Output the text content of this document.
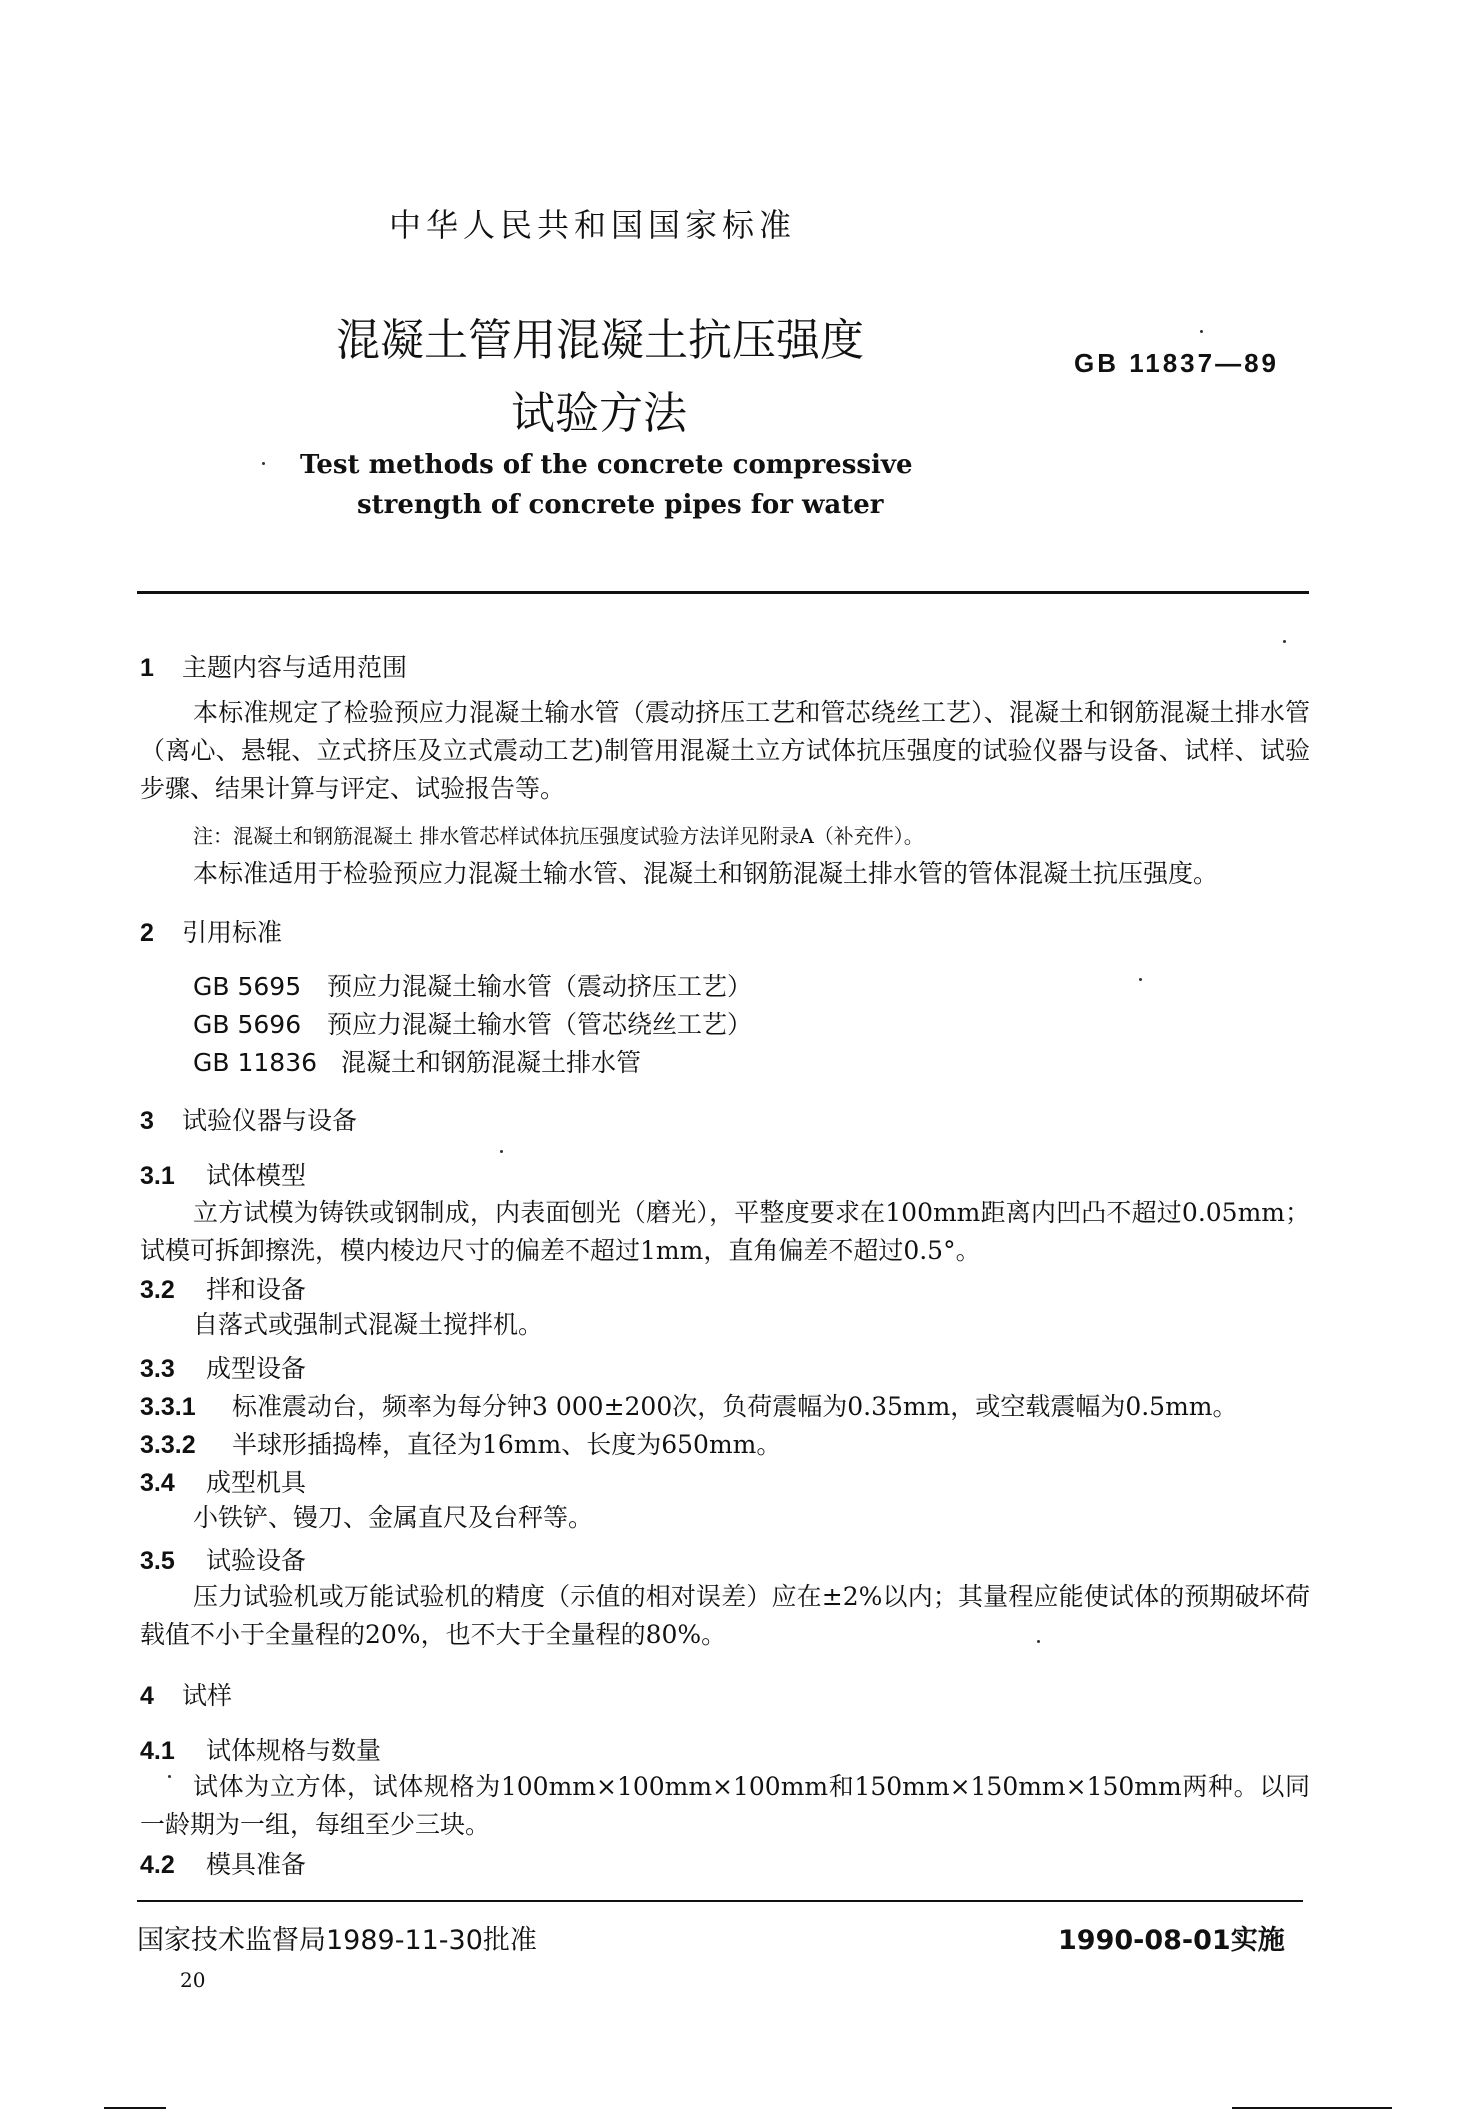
中华人民共和国国家标准
混凝土管用混凝土抗压强度
试验方法
GB 11837—89
Test methods of the concrete compressive
strength of concrete pipes for water
1 主题内容与适用范围
本标准规定了检验预应力混凝土输水管（震动挤压工艺和管芯绕丝工艺）、混凝土和钢筋混凝土排水管（离心、悬辊、立式挤压及立式震动工艺)制管用混凝土立方试体抗压强度的试验仪器与设备、试样、试验步骤、结果计算与评定、试验报告等。
注：混凝土和钢筋混凝土 排水管芯样试体抗压强度试验方法详见附录A（补充件）。
本标准适用于检验预应力混凝土输水管、混凝土和钢筋混凝土排水管的管体混凝土抗压强度。
2 引用标准
GB 5695 预应力混凝土输水管（震动挤压工艺）
GB 5696 预应力混凝土输水管（管芯绕丝工艺）
GB 11836 混凝土和钢筋混凝土排水管
3 试验仪器与设备
3.1 试体模型
立方试模为铸铁或钢制成，内表面刨光（磨光），平整度要求在100mm距离内凹凸不超过0.05mm；试模可拆卸擦洗，模内棱边尺寸的偏差不超过1mm，直角偏差不超过0.5°。
3.2 拌和设备
自落式或强制式混凝土搅拌机。
3.3 成型设备
3.3.1 标准震动台，频率为每分钟3 000±200次，负荷震幅为0.35mm，或空载震幅为0.5mm。
3.3.2 半球形插捣棒，直径为16mm、长度为650mm。
3.4 成型机具
小铁铲、镘刀、金属直尺及台秤等。
3.5 试验设备
压力试验机或万能试验机的精度（示值的相对误差）应在±2%以内；其量程应能使试体的预期破坏荷载值不小于全量程的20%，也不大于全量程的80%。
4 试样
4.1 试体规格与数量
试体为立方体，试体规格为100mm×100mm×100mm和150mm×150mm×150mm两种。以同一龄期为一组，每组至少三块。
4.2 模具准备
国家技术监督局1989-11-30批准	1990-08-01实施
20
